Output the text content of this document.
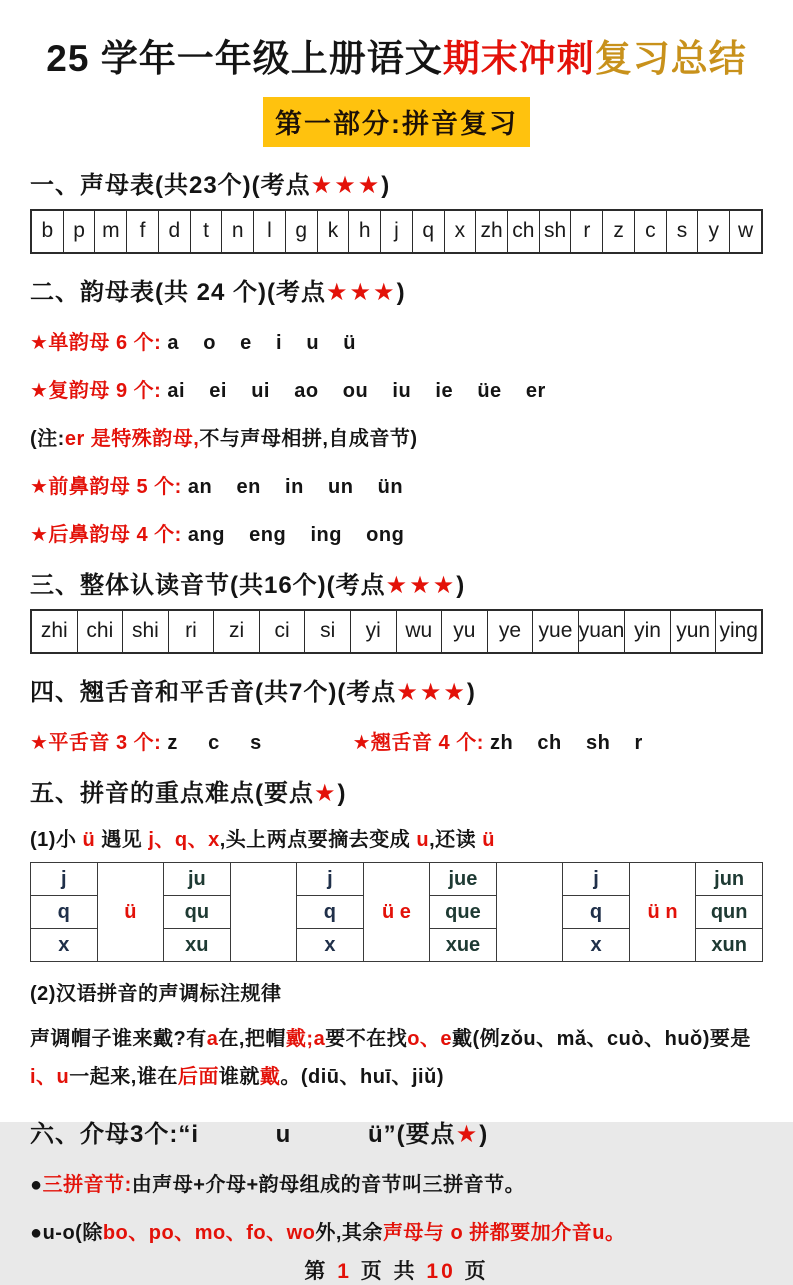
25 学年一年级上册语文期末冲刺复习总结
第一部分:拼音复习
一、声母表(共23个)(考点★★★)
b p m f	d	t	n	l	g k h	j	q x zh ch sh r	z	c	s	y w
二、韵母表(共 24 个)(考点★★★)
★单韵母 6 个: a    o    e    i    u    ü
★复韵母 9 个: ai    ei    ui    ao    ou    iu    ie    üe    er
(注:er 是特殊韵母,不与声母相拼,自成音节)
★前鼻韵母 5 个: an    en    in    un    ün
★后鼻韵母 4 个: ang    eng    ing    ong
三、整体认读音节(共16个)(考点★★★)
zhi chi shi	ri	zi	ci	si	yi	wu	yu	ye yue yuan yin yun ying
四、翘舌音和平舌音(共7个)(考点★★★)
★平舌音 3 个: z     c     s	★翘舌音 4 个: zh    ch    sh    r
五、拼音的重点难点(要点★)
(1)小 ü 遇见 j、q、x,头上两点要摘去变成 u,还读 ü
j	ü	ju		j	ü e	jue		j	ü n	jun
q		qu		q		que		q		qun
x		xu		x		xue		x		xun
(2)汉语拼音的声调标注规律
声调帽子谁来戴?有a在,把帽戴;a要不在找o、e戴(例zǒu、mǎ、cuò、huǒ)要是i、u一起来,谁在后面谁就戴。(diū、huī、jiǔ)
六、介母3个:“i          u          ü”(要点★)
●三拼音节:由声母+介母+韵母组成的音节叫三拼音节。
●u-o(除bo、po、mo、fo、wo外,其余声母与 o 拼都要加介音u。
第 1 页 共 10 页
